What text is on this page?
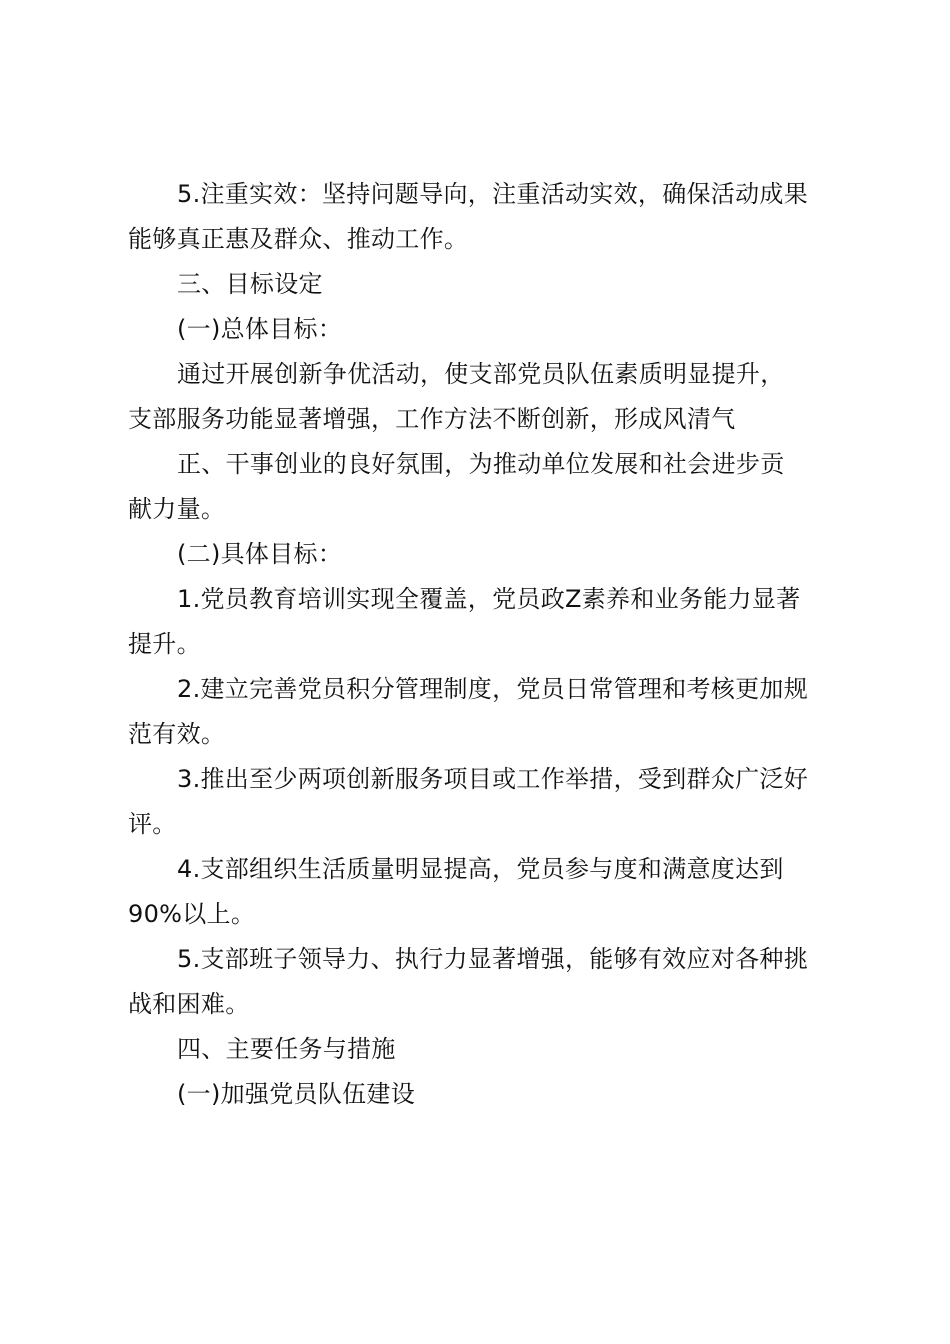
5.注重实效：坚持问题导向，注重活动实效，确保活动成果
能够真正惠及群众、推动工作。
三、目标设定
(一)总体目标：
通过开展创新争优活动，使支部党员队伍素质明显提升，
支部服务功能显著增强，工作方法不断创新，形成风清气
正、干事创业的良好氛围，为推动单位发展和社会进步贡
献力量。
(二)具体目标：
1.党员教育培训实现全覆盖，党员政Z素养和业务能力显著
提升。
2.建立完善党员积分管理制度，党员日常管理和考核更加规
范有效。
3.推出至少两项创新服务项目或工作举措，受到群众广泛好
评。
4.支部组织生活质量明显提高，党员参与度和满意度达到
90%以上。
5.支部班子领导力、执行力显著增强，能够有效应对各种挑
战和困难。
四、主要任务与措施
(一)加强党员队伍建设
